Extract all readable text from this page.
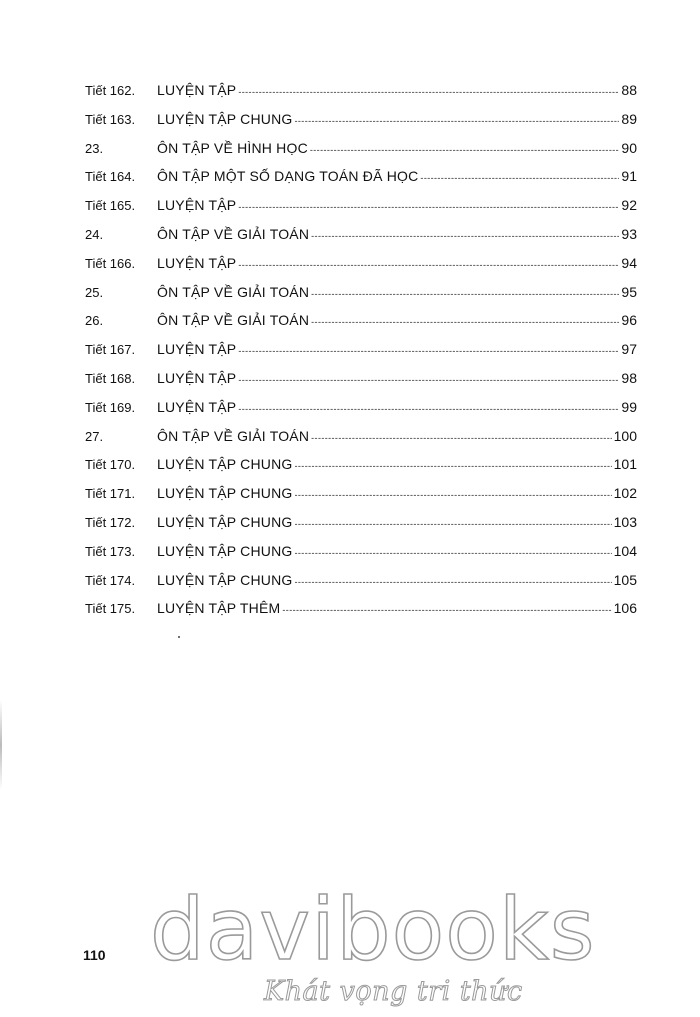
Tiết 162.	LUYỆN TẬP -----	88
Tiết 163.	LUYỆN TẬP CHUNG -----	89
23.	ÔN TẬP VỀ HÌNH HỌC -----	90
Tiết 164.	ÔN TẬP MỘT SỐ DẠNG TOÁN ĐÃ HỌC -----	91
Tiết 165.	LUYỆN TẬP -----	92
24.	ÔN TẬP VỀ GIẢI TOÁN -----	93
Tiết 166.	LUYỆN TẬP -----	94
25.	ÔN TẬP VỀ GIẢI TOÁN -----	95
26.	ÔN TẬP VỀ GIẢI TOÁN -----	96
Tiết 167.	LUYỆN TẬP -----	97
Tiết 168.	LUYỆN TẬP -----	98
Tiết 169.	LUYỆN TẬP -----	99
27.	ÔN TẬP VỀ GIẢI TOÁN -----	100
Tiết 170.	LUYỆN TẬP CHUNG -----	101
Tiết 171.	LUYỆN TẬP CHUNG -----	102
Tiết 172.	LUYỆN TẬP CHUNG -----	103
Tiết 173.	LUYỆN TẬP CHUNG -----	104
Tiết 174.	LUYỆN TẬP CHUNG -----	105
Tiết 175.	LUYỆN TẬP THÊM -----	106
110 davibooks
Khát vọng tri thức
